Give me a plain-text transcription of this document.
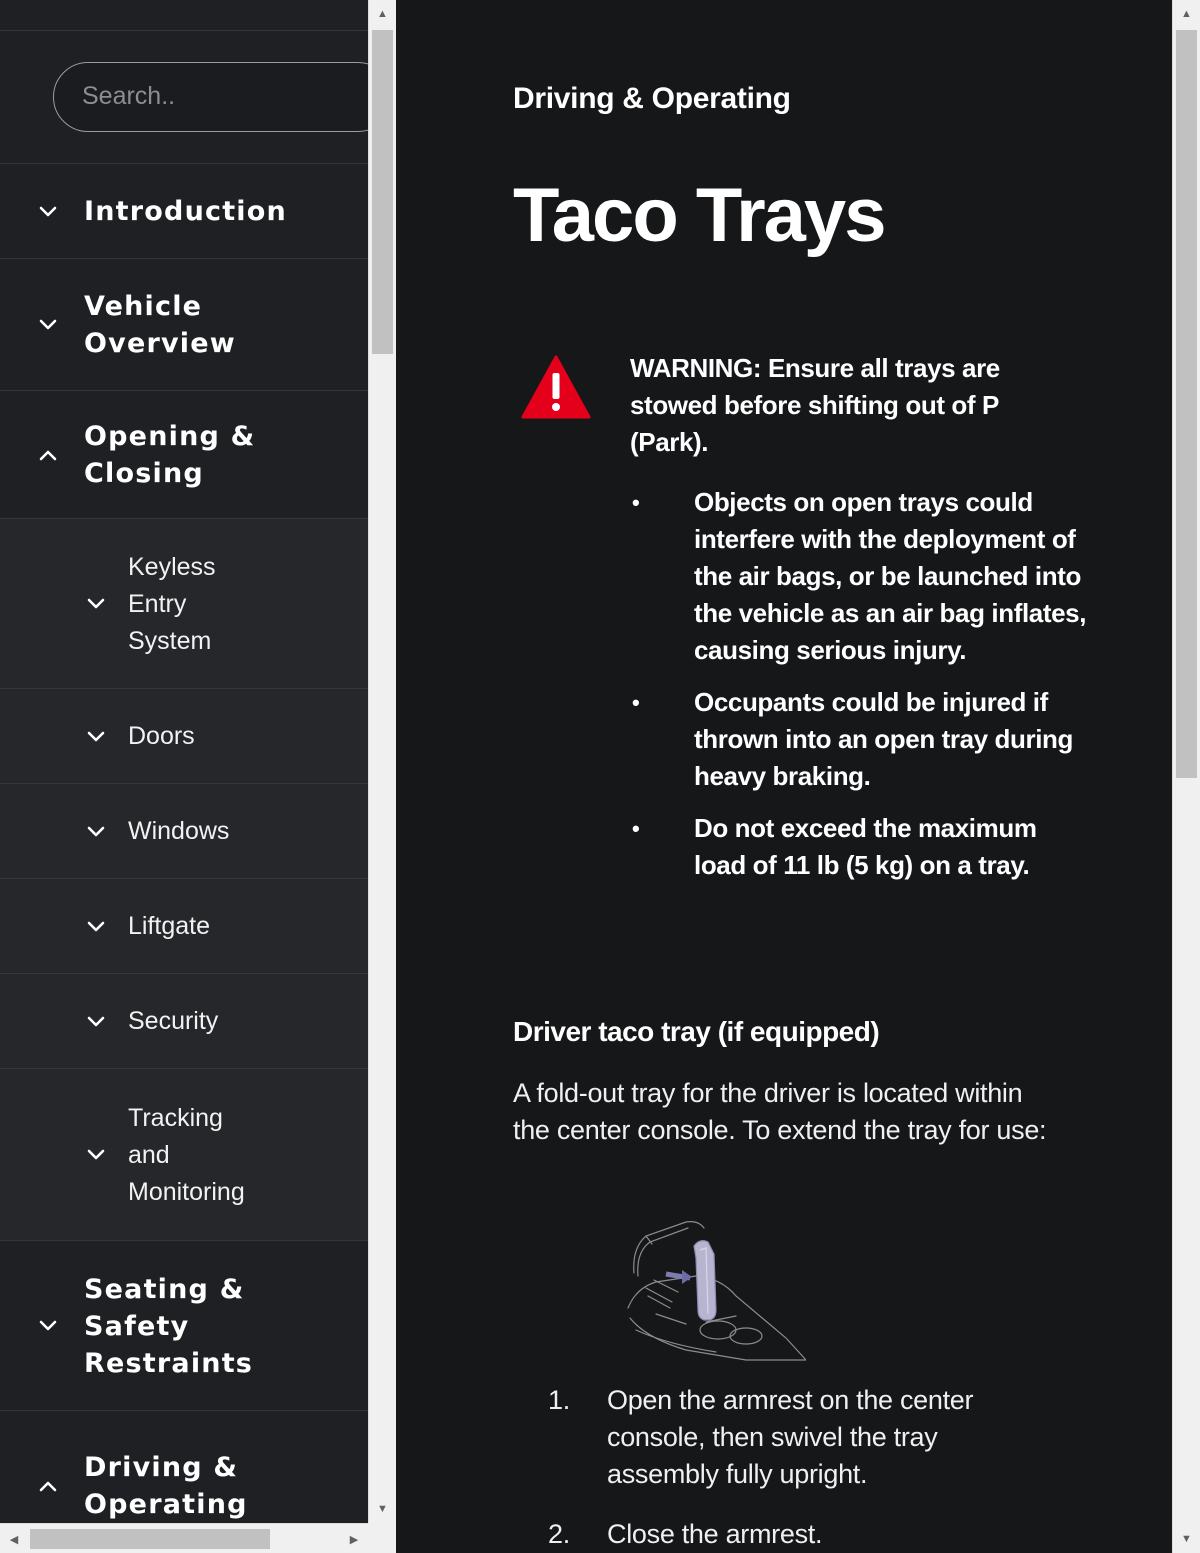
Search..
Introduction
Vehicle
Overview
Opening &
Closing
Keyless
Entry
System
Doors
Windows
Liftgate
Security
Tracking
and
Monitoring
Seating &
Safety
Restraints
Driving &
Operating
▲
▼
◀	▶
Driving & Operating
Taco Trays

WARNING: Ensure all trays are stowed before shifting out of P (Park).

• Objects on open trays could interfere with the deployment of the air bags, or be launched into the vehicle as an air bag inflates, causing serious injury.
• Occupants could be injured if thrown into an open tray during heavy braking.
• Do not exceed the maximum load of 11 lb (5 kg) on a tray.
Driver taco tray (if equipped)

A fold-out tray for the driver is located within the center console. To extend the tray for use:

1. Open the armrest on the center console, then swivel the tray assembly fully upright.
2. Close the armrest.
▲
▼
